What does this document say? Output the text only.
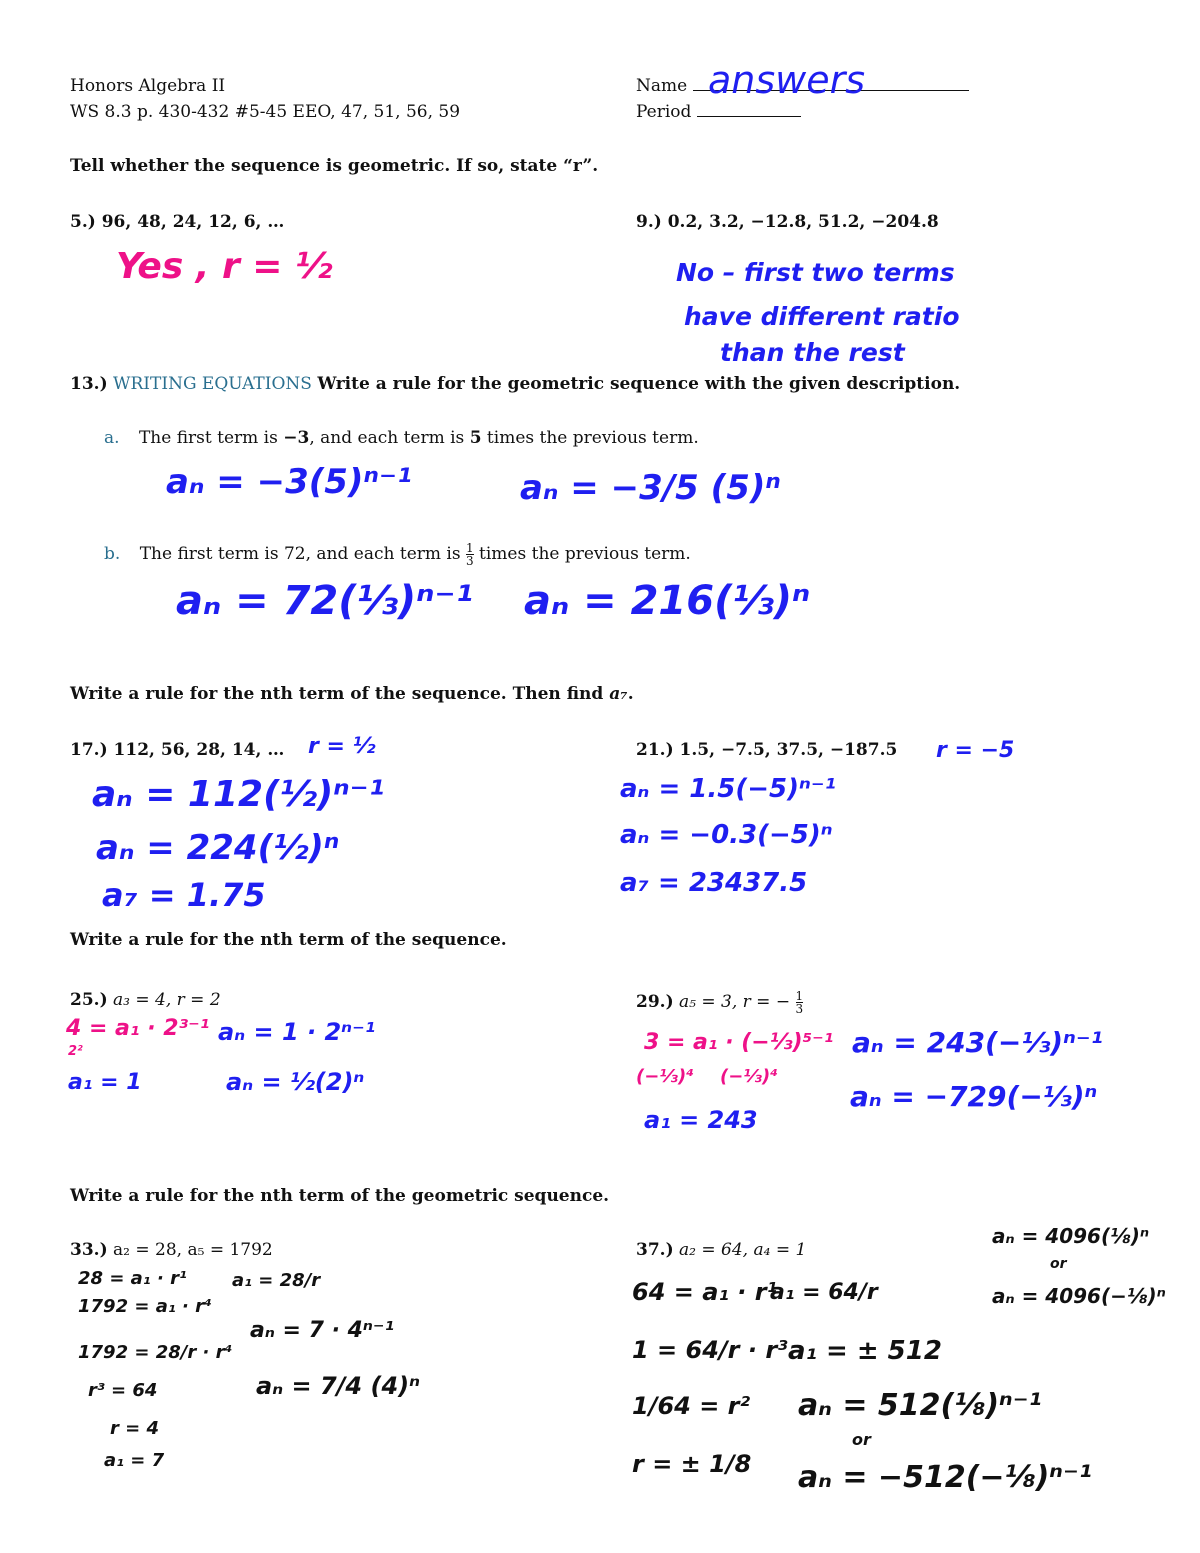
Honors Algebra II
WS 8.3 p. 430-432 #5-45 EEO, 47, 51, 56, 59
Name answers
Period
Tell whether the sequence is geometric. If so, state “r”.
5.) 96, 48, 24, 12, 6, …
Yes , r = ½
9.) 0.2, 3.2, −12.8, 51.2, −204.8
No – first two terms
have different ratio
than the rest
13.) WRITING EQUATIONS Write a rule for the geometric sequence with the given description.
a. The first term is −3, and each term is 5 times the previous term.
aₙ = −3(5)ⁿ⁻¹	aₙ = −3/5 (5)ⁿ
b. The first term is 72, and each term is $\frac{1}{3}$ times the previous term.
aₙ = 72(⅓)ⁿ⁻¹ aₙ = 216(⅓)ⁿ
Write a rule for the nth term of the sequence. Then find a₇.
17.) 112, 56, 28, 14, … r = ½
aₙ = 112(½)ⁿ⁻¹
aₙ = 224(½)ⁿ
a₇ = 1.75
21.) 1.5, −7.5, 37.5, −187.5 r = −5
aₙ = 1.5(−5)ⁿ⁻¹
aₙ = −0.3(−5)ⁿ
a₇ = 23437.5
Write a rule for the nth term of the sequence.
25.) a₃ = 4, r = 2
4 = a₁ · 2³⁻¹
2²
a₁ = 1
aₙ = 1 · 2ⁿ⁻¹
aₙ = ½(2)ⁿ
29.) a₅ = 3, r = − $\frac{1}{3}$
3 = a₁ · (−⅓)⁵⁻¹
(−⅓)⁴ (−⅓)⁴
a₁ = 243
aₙ = 243(−⅓)ⁿ⁻¹
aₙ = −729(−⅓)ⁿ
Write a rule for the nth term of the geometric sequence.
33.) a₂ = 28, a₅ = 1792
28 = a₁ · r¹
1792 = a₁ · r⁴
1792 = 28/r · r⁴
r³ = 64
r = 4
a₁ = 7
a₁ = 28/r
aₙ = 7 · 4ⁿ⁻¹
aₙ = 7/4 (4)ⁿ
37.) a₂ = 64, a₄ = 1
64 = a₁ · r¹
1 = 64/r · r³
1/64 = r²
r = ± 1/8
a₁ = 64/r
a₁ = ± 512
aₙ = 512(⅛)ⁿ⁻¹
or
aₙ = −512(−⅛)ⁿ⁻¹
aₙ = 4096(⅛)ⁿ
or
aₙ = 4096(−⅛)ⁿ
